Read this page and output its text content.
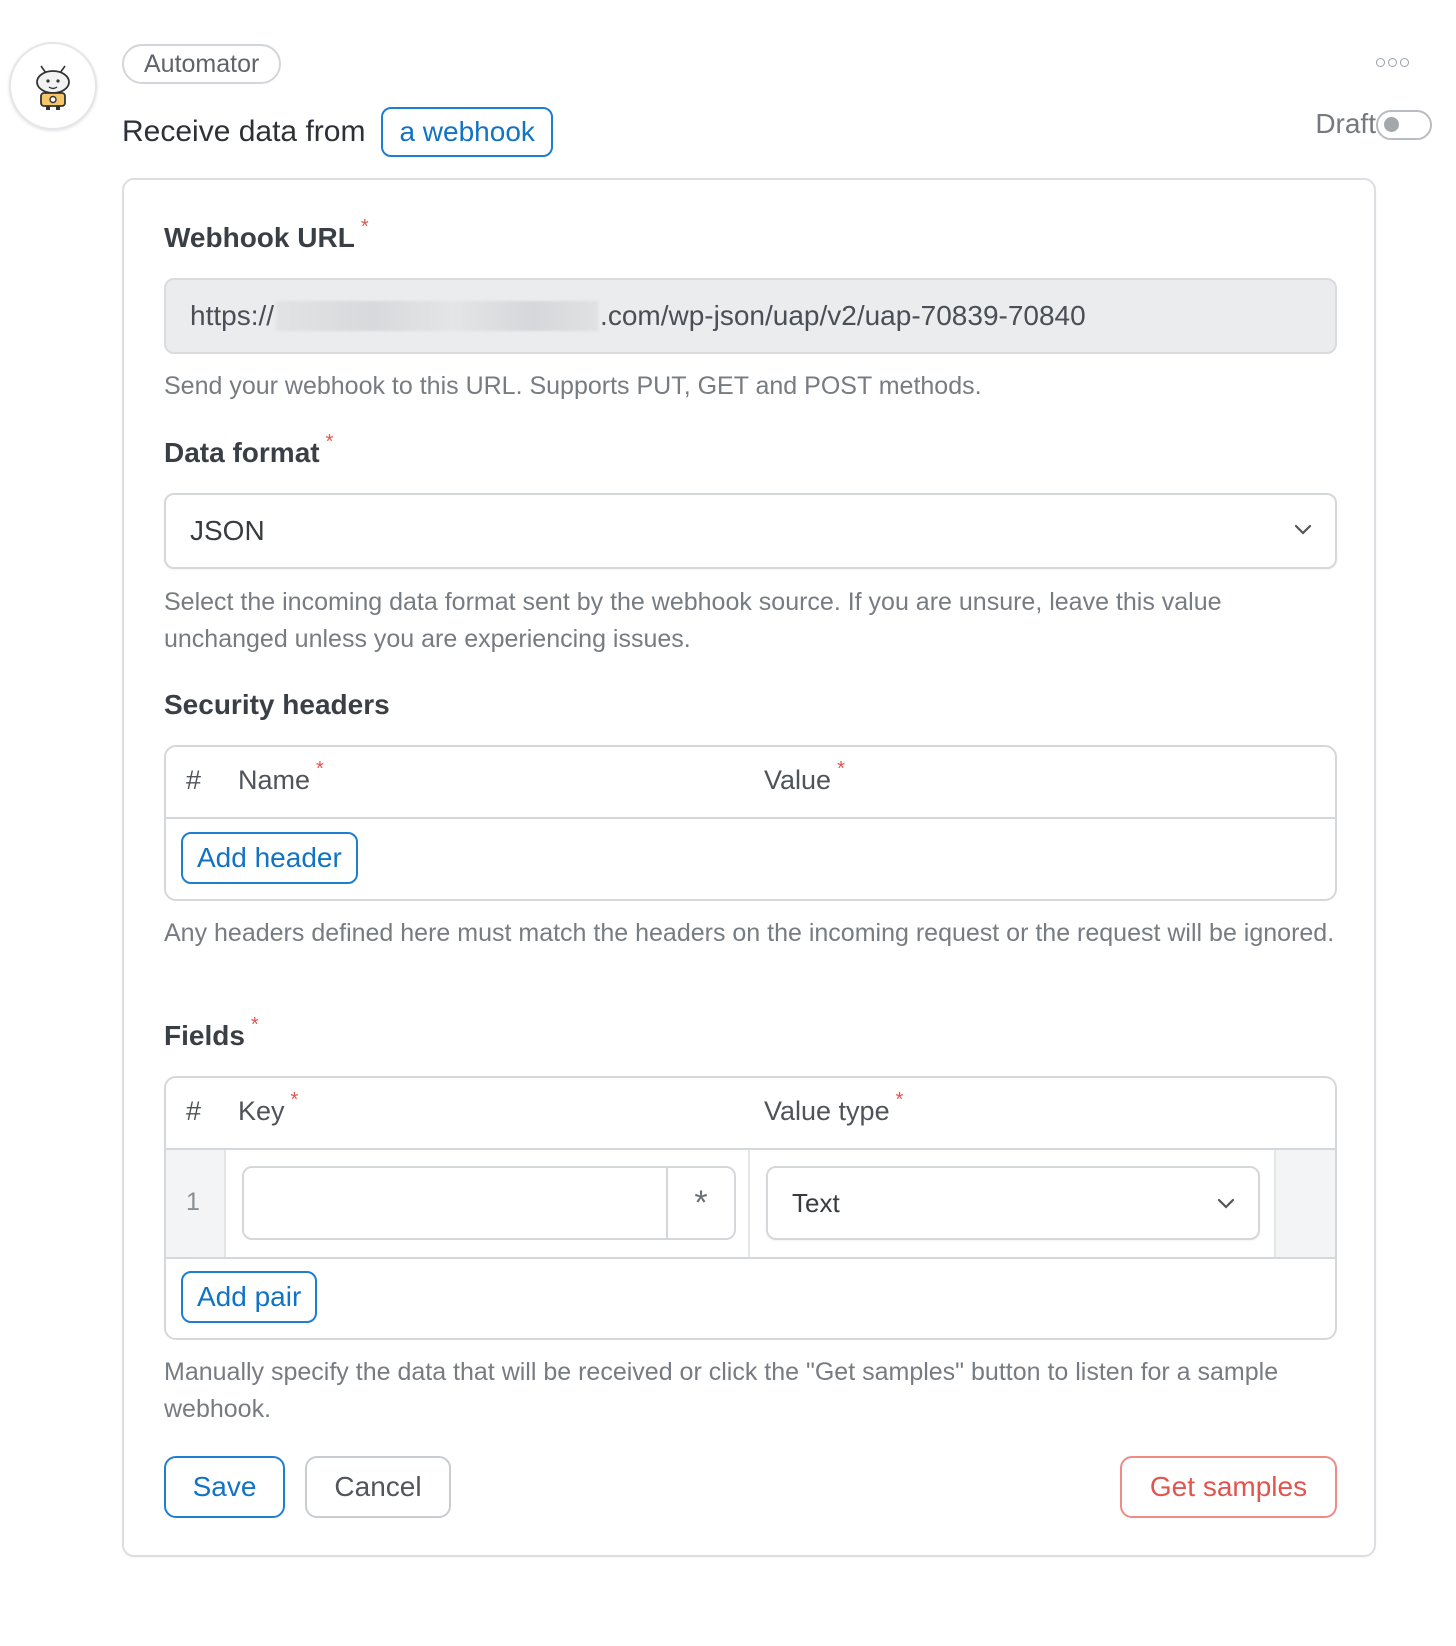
Automator
Receive data from	a webhook	Draft
Webhook URL *
https://	.com/wp-json/uap/v2/uap-70839-70840
Send your webhook to this URL. Supports PUT, GET and POST methods.
Data format *
JSON
Select the incoming data format sent by the webhook source. If you are unsure, leave this value unchanged unless you are experiencing issues.
Security headers
# Name *	Value *
Add header
Any headers defined here must match the headers on the incoming request or the request will be ignored.
Fields *
# Key *	Value type *
1	*	Text
Add pair
Manually specify the data that will be received or click the "Get samples" button to listen for a sample webhook.
Save	Cancel	Get samples
